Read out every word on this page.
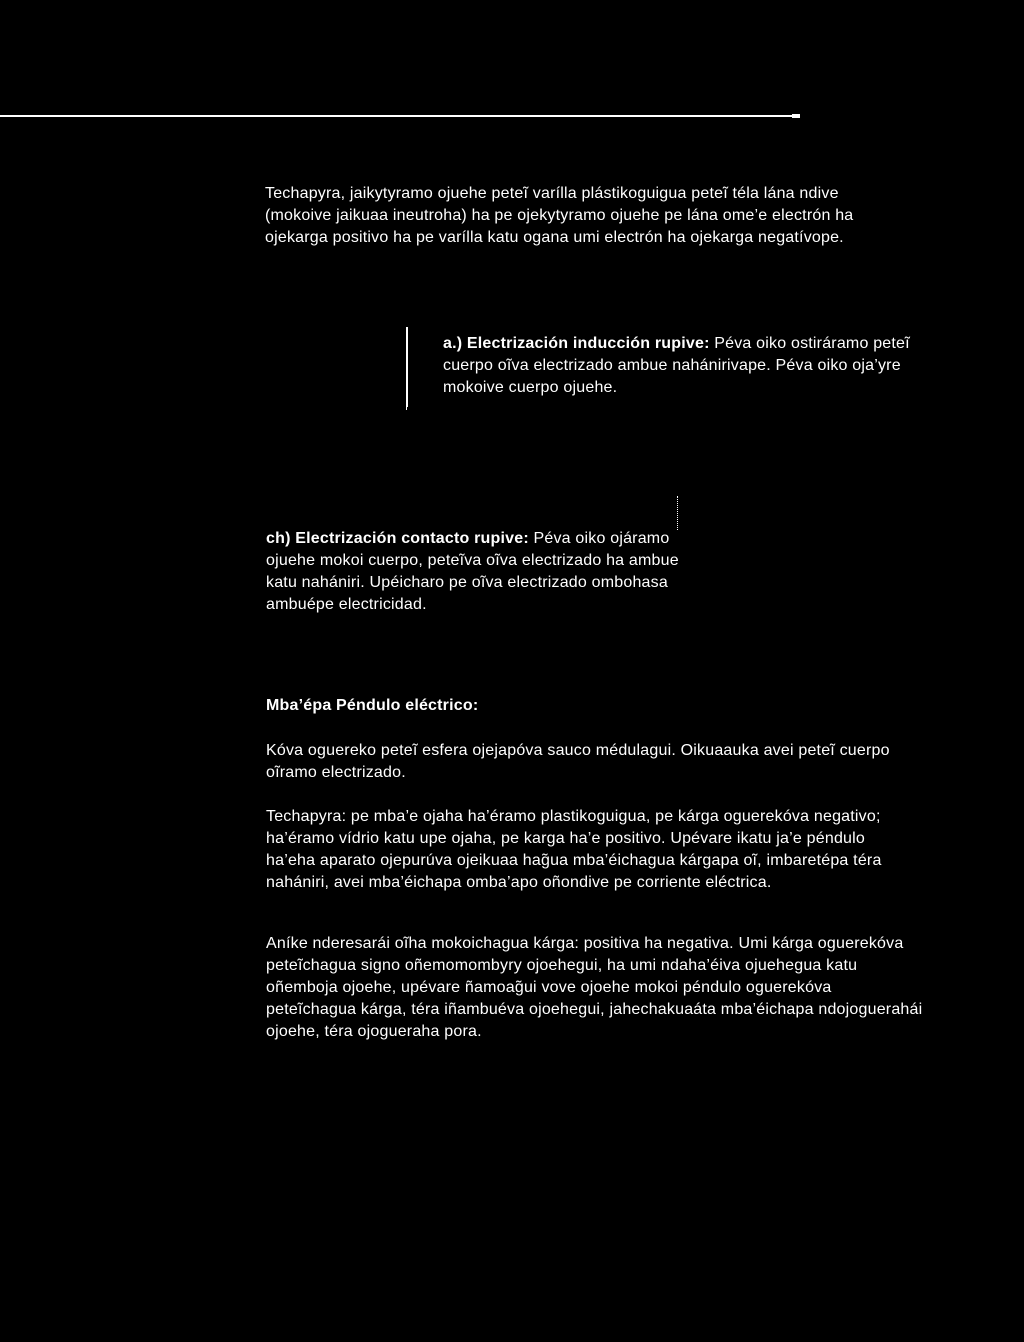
Techapyra, jaikytyramo ojuehe peteĩ varílla plástikoguigua peteĩ téla lána ndive (mokoive jaikuaa ineutroha) ha pe ojekytyramo ojuehe pe lána ome’e electrón ha ojekarga positivo ha pe varílla katu ogana umi electrón ha ojekarga negatívope.

a.) Electrización inducción rupive: Péva oiko ostiráramo peteĩ cuerpo oĩva electrizado ambue nahánirivape. Péva oiko oja’yre mokoive cuerpo ojuehe.

ch) Electrización contacto rupive: Péva oiko ojáramo ojuehe mokoi cuerpo, peteĩva oĩva electrizado ha ambue katu nahániri. Upéicharo pe oĩva electrizado ombohasa ambuépe electricidad.

Mba’épa Péndulo eléctrico:

Kóva oguereko peteĩ esfera ojejapóva sauco médulagui. Oikuaauka avei peteĩ cuerpo oĩramo electrizado.

Techapyra: pe mba’e ojaha ha’éramo plastikoguigua, pe kárga oguerekóva negativo; ha’éramo vídrio katu upe ojaha, pe karga ha’e positivo. Upévare ikatu ja’e péndulo ha’eha aparato ojepurúva ojeikuaa hag̃ua mba’éichagua kárgapa oĩ, imbaretépa téra nahániri, avei mba’éichapa omba’apo oñondive pe corriente eléctrica.

Aníke nderesarái oĩha mokoichagua kárga: positiva ha negativa. Umi kárga oguerekóva peteĩchagua signo oñemomombyry ojoehegui, ha umi ndaha’éiva ojuehegua katu oñemboja ojoehe, upévare ñamoag̃ui vove ojoehe mokoi péndulo oguerekóva peteĩchagua kárga, téra iñambuéva ojoehegui, jahechakuaáta mba’éichapa ndojoguerahái ojoehe, téra ojogueraha pora.
